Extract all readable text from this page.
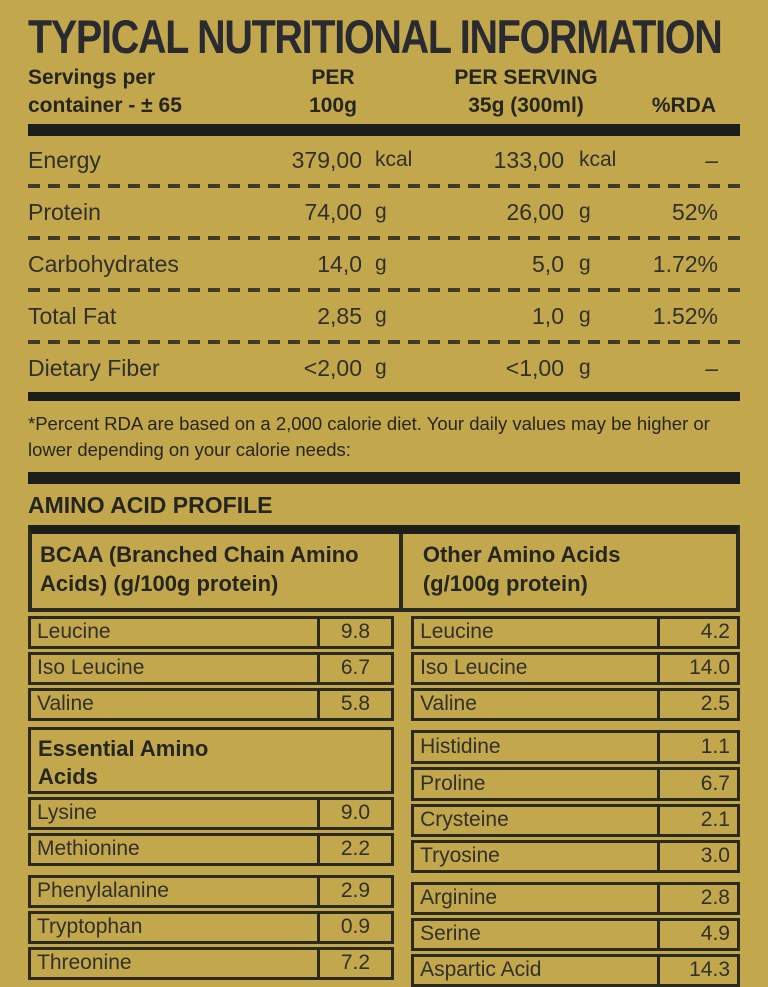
TYPICAL NUTRITIONAL INFORMATION
Servings per
container - ± 65
PER
100g
PER SERVING
35g (300ml)	%RDA
Energy	379,00 kcal	133,00 kcal	–
Protein	74,00 g	26,00 g	52%
Carbohydrates	14,0 g	5,0 g	1.72%
Total Fat	2,85 g	1,0 g	1.52%
Dietary Fiber	<2,00 g	<1,00 g	–
*Percent RDA are based on a 2,000 calorie diet. Your daily values may be higher or lower depending on your calorie needs:
AMINO ACID PROFILE
BCAA (Branched Chain Amino Acids) (g/100g protein)
Other Amino Acids (g/100g protein)
Leucine	9.8
Iso Leucine	6.7
Valine	5.8
Essential Amino Acids
Lysine	9.0
Methionine	2.2
Phenylalanine	2.9
Tryptophan	0.9
Threonine	7.2
Leucine	4.2
Iso Leucine	14.0
Valine	2.5
Histidine	1.1
Proline	6.7
Crysteine	2.1
Tryosine	3.0
Arginine	2.8
Serine	4.9
Aspartic Acid	14.3
